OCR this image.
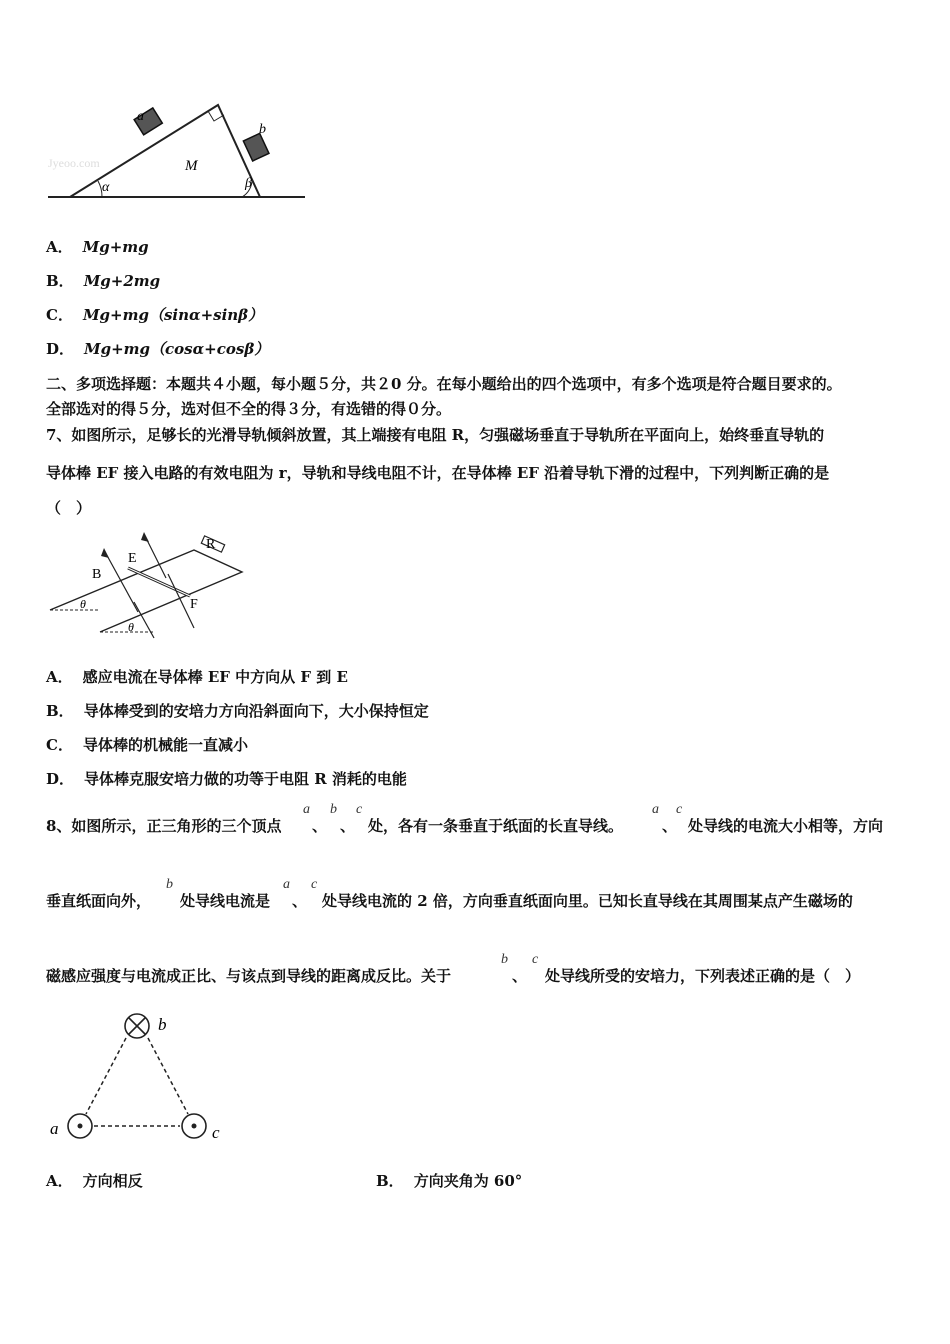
Jyeoo.com
a
b
M
α	β
A． Mg+mg
B． Mg+2mg
C． Mg+mg（sinα+sinβ）
D． Mg+mg（cosα+cosβ）
二、多项选择题：本题共４小题，每小题５分，共２0 分。在每小题给出的四个选项中，有多个选项是符合题目要求的。
全部选对的得５分，选对但不全的得３分，有选错的得０分。
7、如图所示，足够长的光滑导轨倾斜放置，其上端接有电阻 R，匀强磁场垂直于导轨所在平面向上，始终垂直导轨的
导体棒 EF 接入电路的有效电阻为 r，导轨和导线电阻不计，在导体棒 EF 沿着导轨下滑的过程中，下列判断正确的是
（　）
B
E
R
F
θ
θ
A． 感应电流在导体棒 EF 中方向从 F 到 E
B． 导体棒受到的安培力方向沿斜面向下，大小保持恒定
C． 导体棒的机械能一直减小
D． 导体棒克服安培力做的功等于电阻 R 消耗的电能
8、如图所示，正三角形的三个顶点
a
、
b
、
c
处，各有一条垂直于纸面的长直导线。
a
、
c
处导线的电流大小相等，方向
垂直纸面向外，
b
处导线电流是
a
、
c
处导线电流的 2 倍，方向垂直纸面向里。已知长直导线在其周围某点产生磁场的
磁感应强度与电流成正比、与该点到导线的距离成反比。关于
b
、
c
处导线所受的安培力，下列表述正确的是（　）
b
a	c
A． 方向相反	B． 方向夹角为 60°
